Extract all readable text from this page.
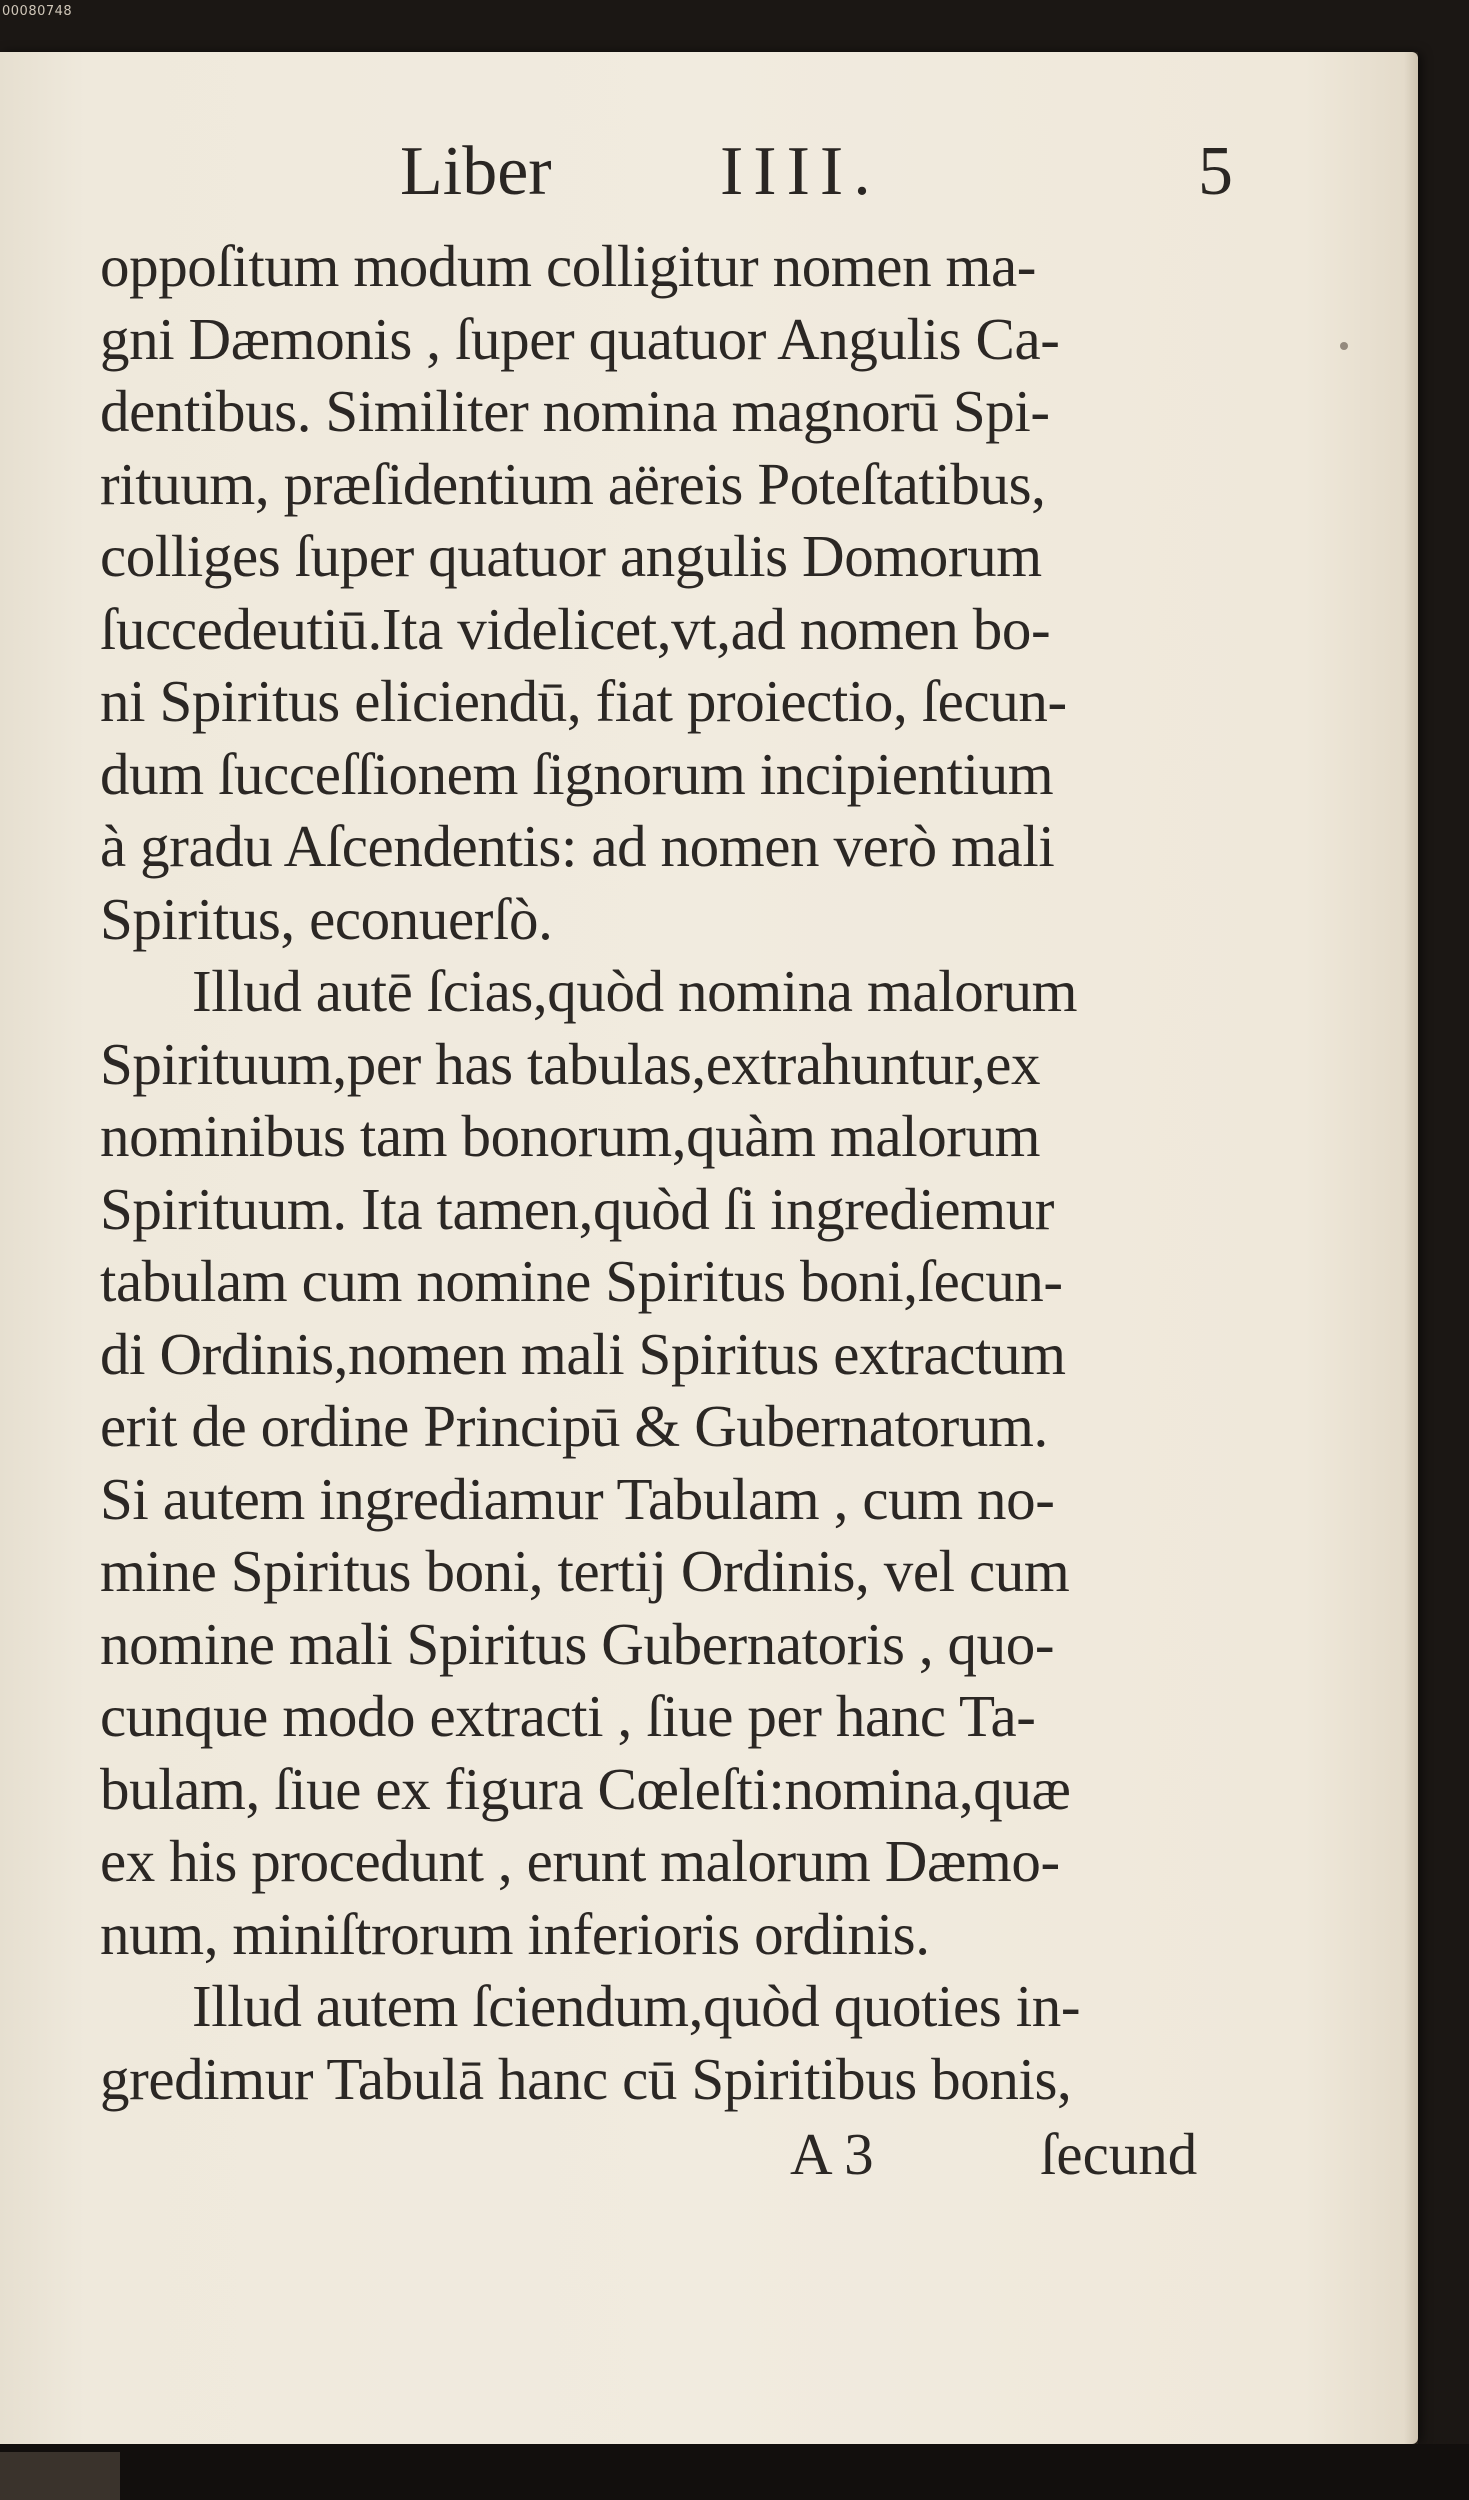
00080748
Liber IIII.	5
oppoſitum modum colligitur nomen ma-
gni Dæmonis , ſuper quatuor Angulis Ca-
dentibus. Similiter nomina magnorū Spi-
rituum, præſidentium aëreis Poteſtatibus,
colliges ſuper quatuor angulis Domorum
ſuccedeutiū.Ita videlicet,vt,ad nomen bo-
ni Spiritus eliciendū, fiat proiectio, ſecun-
dum ſucceſſionem ſignorum incipientium
à gradu Aſcendentis: ad nomen verò mali
Spiritus, econuerſò.
Illud autē ſcias,quòd nomina malorum
Spirituum,per has tabulas,extrahuntur,ex
nominibus tam bonorum,quàm malorum
Spirituum. Ita tamen,quòd ſi ingrediemur
tabulam cum nomine Spiritus boni,ſecun-
di Ordinis,nomen mali Spiritus extractum
erit de ordine Principū & Gubernatorum.
Si autem ingrediamur Tabulam , cum no-
mine Spiritus boni, tertij Ordinis, vel cum
nomine mali Spiritus Gubernatoris , quo-
cunque modo extracti , ſiue per hanc Ta-
bulam, ſiue ex figura Cœleſti:nomina,quæ
ex his procedunt , erunt malorum Dæmo-
num, miniſtrorum inferioris ordinis.
Illud autem ſciendum,quòd quoties in-
gredimur Tabulā hanc cū Spiritibus bonis,
A 3	ſecund
